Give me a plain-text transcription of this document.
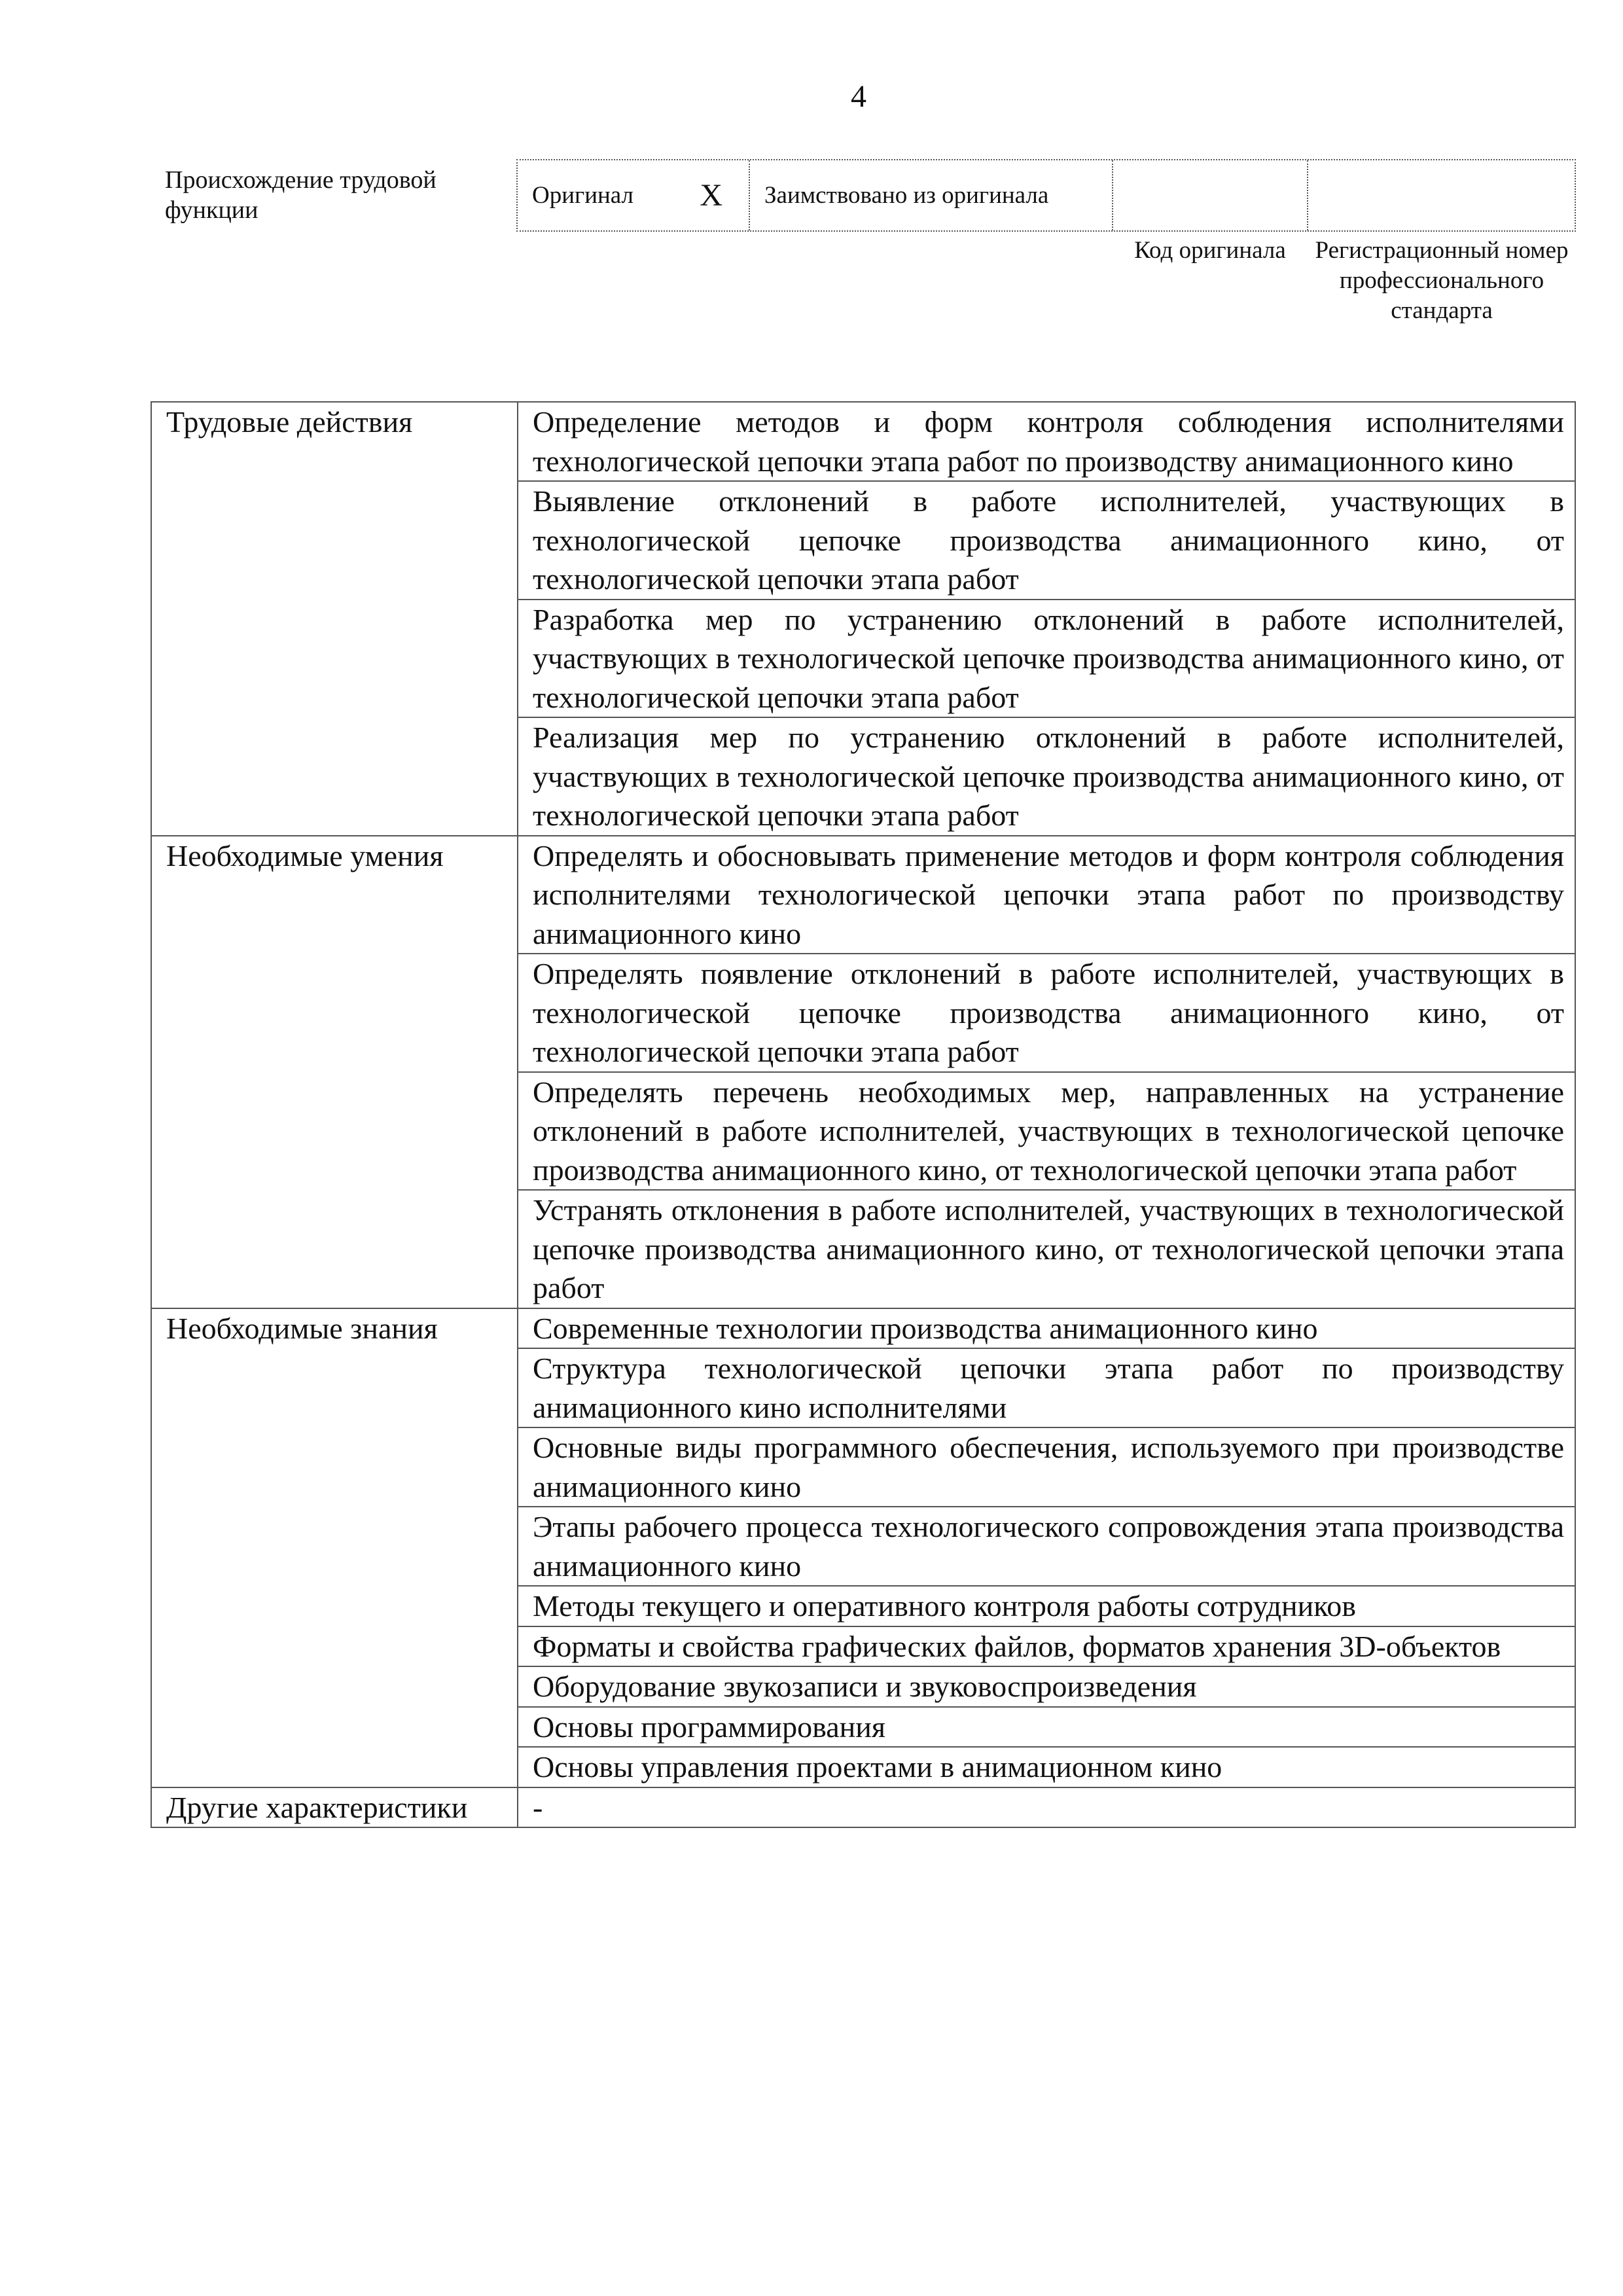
4
Происхождение трудовой функции
Оригинал X Заимствовано из оригинала
Код оригинала	Регистрационный номер профессионального стандарта
Трудовые действия	Определение методов и форм контроля соблюдения исполнителями технологической цепочки этапа работ по производству анимационного кино
	Выявление отклонений в работе исполнителей, участвующих в технологической цепочке производства анимационного кино, от технологической цепочки этапа работ
	Разработка мер по устранению отклонений в работе исполнителей, участвующих в технологической цепочке производства анимационного кино, от технологической цепочки этапа работ
	Реализация мер по устранению отклонений в работе исполнителей, участвующих в технологической цепочке производства анимационного кино, от технологической цепочки этапа работ
Необходимые умения	Определять и обосновывать применение методов и форм контроля соблюдения исполнителями технологической цепочки этапа работ по производству анимационного кино
	Определять появление отклонений в работе исполнителей, участвующих в технологической цепочке производства анимационного кино, от технологической цепочки этапа работ
	Определять перечень необходимых мер, направленных на устранение отклонений в работе исполнителей, участвующих в технологической цепочке производства анимационного кино, от технологической цепочки этапа работ
	Устранять отклонения в работе исполнителей, участвующих в технологической цепочке производства анимационного кино, от технологической цепочки этапа работ
Необходимые знания	Современные технологии производства анимационного кино
	Структура технологической цепочки этапа работ по производству анимационного кино исполнителями
	Основные виды программного обеспечения, используемого при производстве анимационного кино
	Этапы рабочего процесса технологического сопровождения этапа производства анимационного кино
	Методы текущего и оперативного контроля работы сотрудников
	Форматы и свойства графических файлов, форматов хранения 3D-объектов
	Оборудование звукозаписи и звуковоспроизведения
	Основы программирования
	Основы управления проектами в анимационном кино
Другие характеристики	-
